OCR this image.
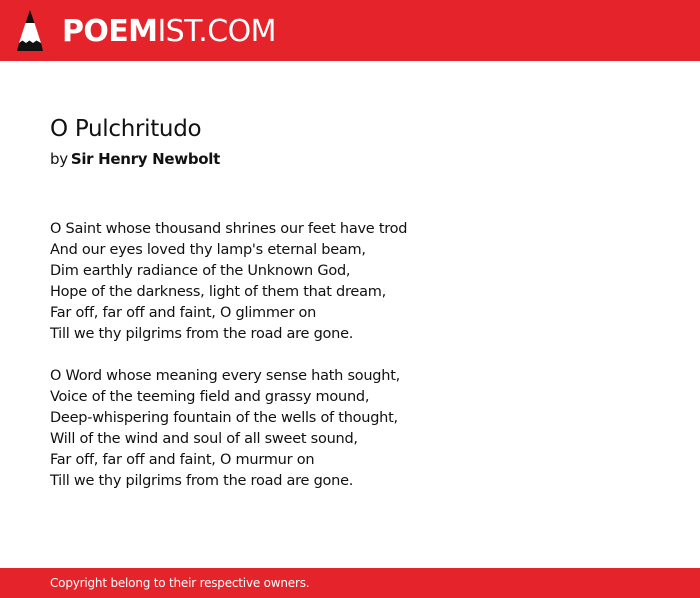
POEMIST.COM
O Pulchritudo
by Sir Henry Newbolt
O Saint whose thousand shrines our feet have trod
And our eyes loved thy lamp's eternal beam,
Dim earthly radiance of the Unknown God,
Hope of the darkness, light of them that dream,
Far off, far off and faint, O glimmer on
Till we thy pilgrims from the road are gone.
O Word whose meaning every sense hath sought,
Voice of the teeming field and grassy mound,
Deep-whispering fountain of the wells of thought,
Will of the wind and soul of all sweet sound,
Far off, far off and faint, O murmur on
Till we thy pilgrims from the road are gone.
Copyright belong to their respective owners.
